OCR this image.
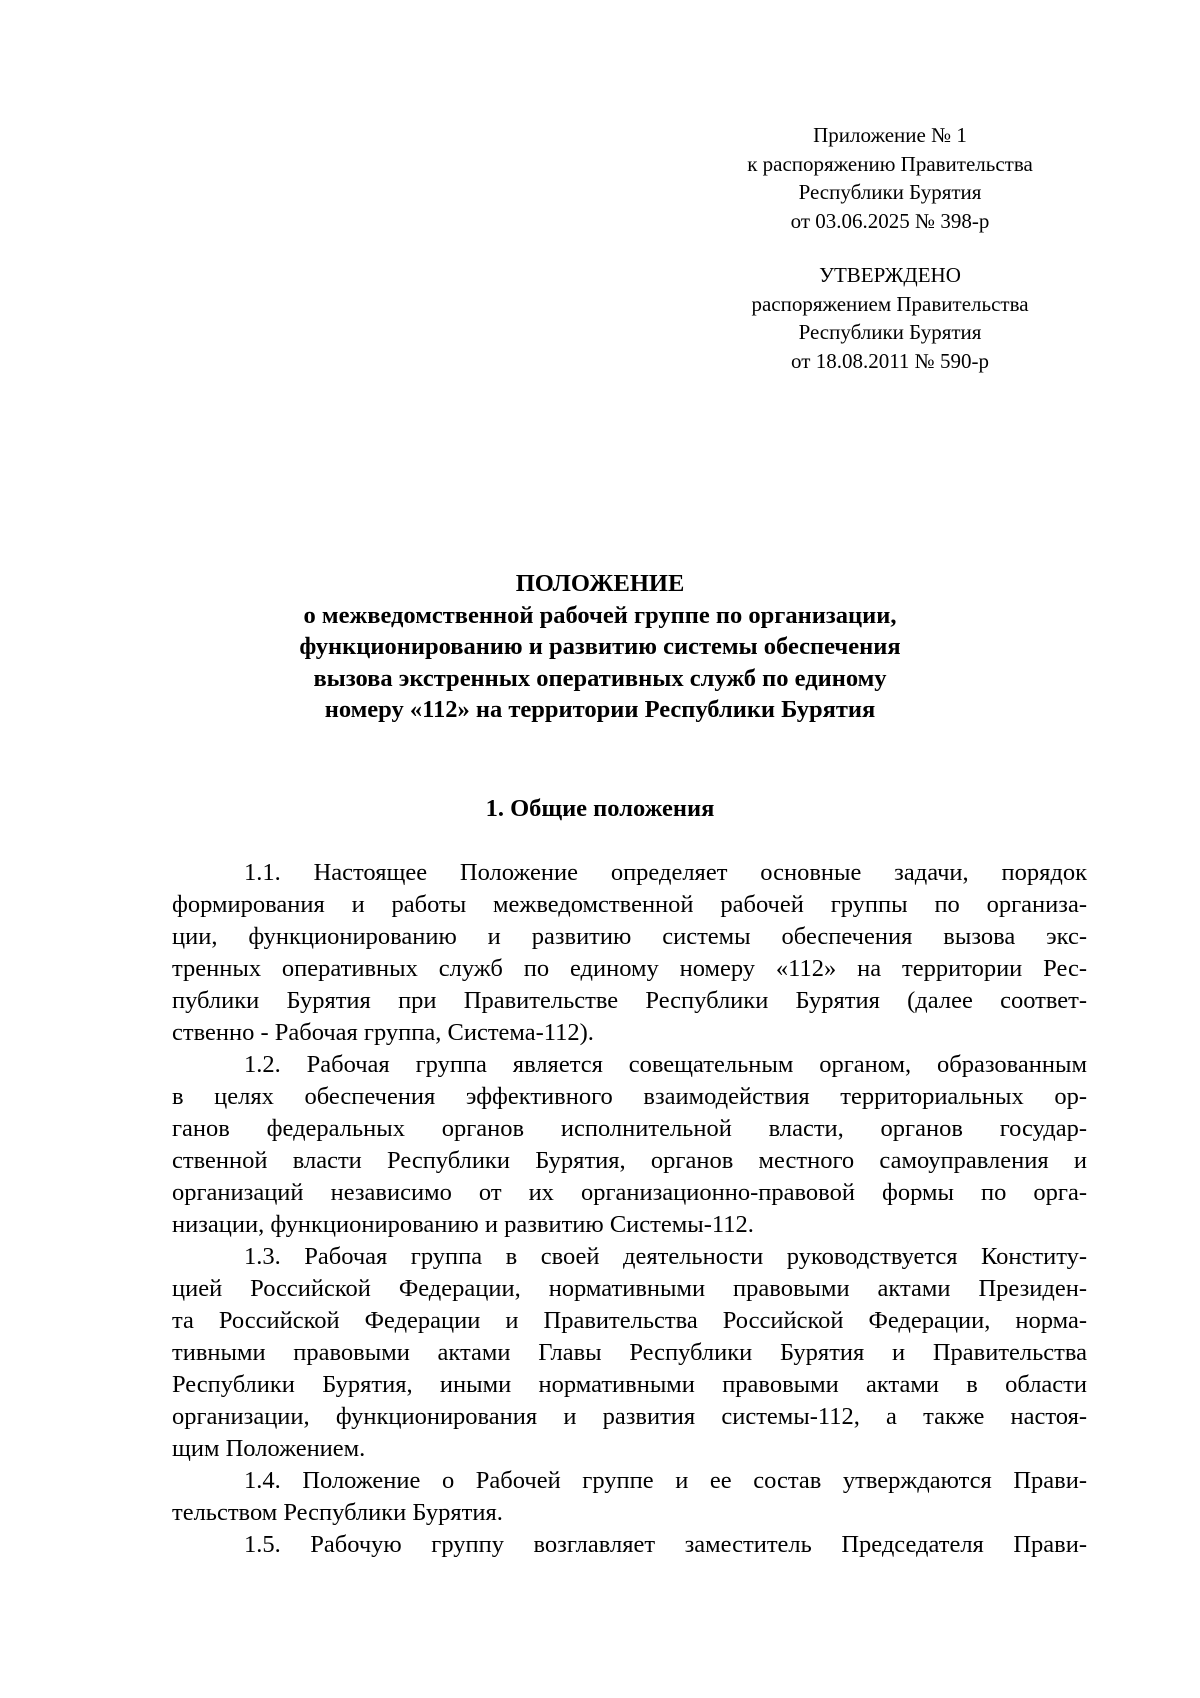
Приложение № 1
к распоряжению Правительства
Республики Бурятия
от 03.06.2025 № 398-р
УТВЕРЖДЕНО
распоряжением Правительства
Республики Бурятия
от 18.08.2011 № 590-р
ПОЛОЖЕНИЕ
о межведомственной рабочей группе по организации,
функционированию и развитию системы обеспечения
вызова экстренных оперативных служб по единому
номеру «112» на территории Республики Бурятия
1. Общие положения
1.1. Настоящее Положение определяет основные задачи, порядок
формирования и работы межведомственной рабочей группы по организа-
ции, функционированию и развитию системы обеспечения вызова экс-
тренных оперативных служб по единому номеру «112» на территории Рес-
публики Бурятия при Правительстве Республики Бурятия (далее соответ-
ственно - Рабочая группа, Система-112).
1.2. Рабочая группа является совещательным органом, образованным
в целях обеспечения эффективного взаимодействия территориальных ор-
ганов федеральных органов исполнительной власти, органов государ-
ственной власти Республики Бурятия, органов местного самоуправления и
организаций независимо от их организационно-правовой формы по орга-
низации, функционированию и развитию Системы-112.
1.3. Рабочая группа в своей деятельности руководствуется Конститу-
цией Российской Федерации, нормативными правовыми актами Президен-
та Российской Федерации и Правительства Российской Федерации, норма-
тивными правовыми актами Главы Республики Бурятия и Правительства
Республики Бурятия, иными нормативными правовыми актами в области
организации, функционирования и развития системы-112, а также настоя-
щим Положением.
1.4. Положение о Рабочей группе и ее состав утверждаются Прави-
тельством Республики Бурятия.
1.5. Рабочую группу возглавляет заместитель Председателя Прави-
